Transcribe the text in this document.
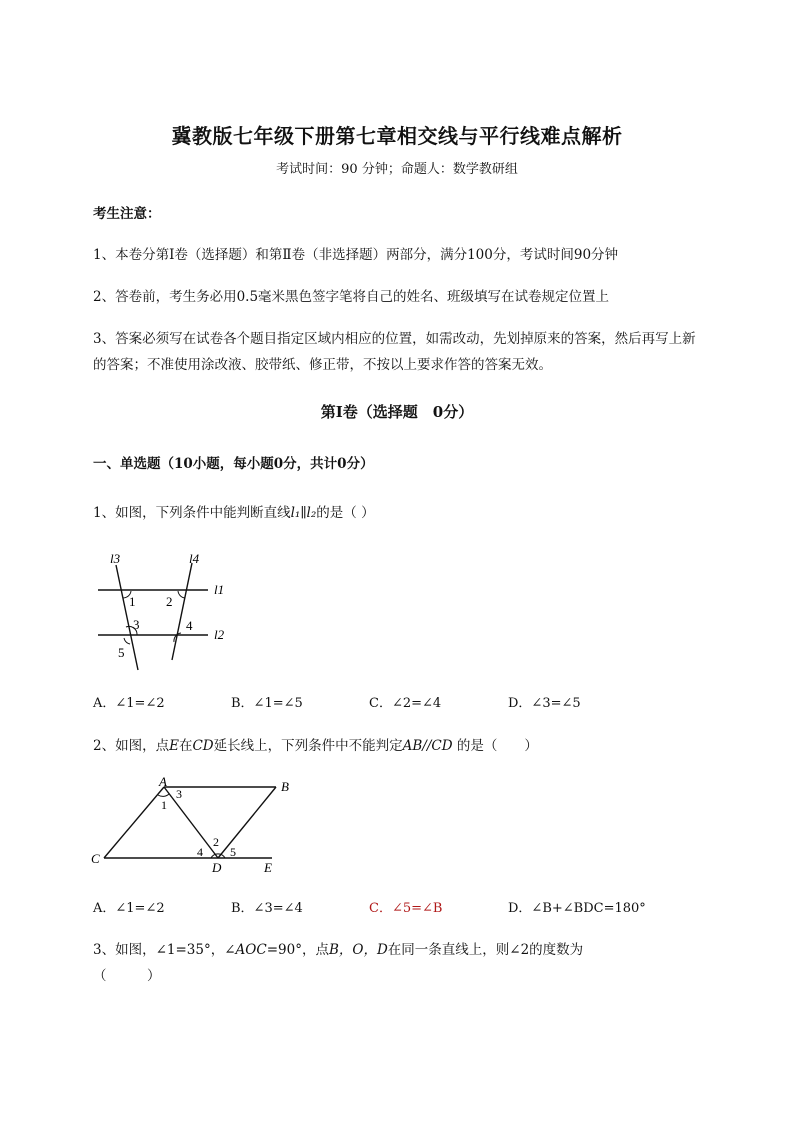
冀教版七年级下册第七章相交线与平行线难点解析
考试时间：90 分钟；命题人：数学教研组
考生注意：
1、本卷分第Ⅰ卷（选择题）和第Ⅱ卷（非选择题）两部分，满分100分，考试时间90分钟
2、答卷前，考生务必用0.5毫米黑色签字笔将自己的姓名、班级填写在试卷规定位置上
3、答案必须写在试卷各个题目指定区域内相应的位置，如需改动，先划掉原来的答案，然后再写上新
的答案；不准使用涂改液、胶带纸、修正带，不按以上要求作答的答案无效。
第Ⅰ卷（选择题　0分）
一、单选题（10小题，每小题0分，共计0分）
1、如图，下列条件中能判断直线l₁∥l₂的是（ ）
l3	l4
l1
l2
1 2
3	4
5
A．∠1=∠2	B．∠1=∠5	C．∠2=∠4	D．∠3=∠5
2、如图，点E在CD延长线上，下列条件中不能判定AB//CD 的是（　　）
A	B
C
D	E
1
2
3
4 5
A．∠1=∠2	B．∠3=∠4	C．∠5=∠B	D．∠B+∠BDC=180°
3、如图，∠1=35°，∠AOC=90°，点B，O，D在同一条直线上，则∠2的度数为
（　　　）
